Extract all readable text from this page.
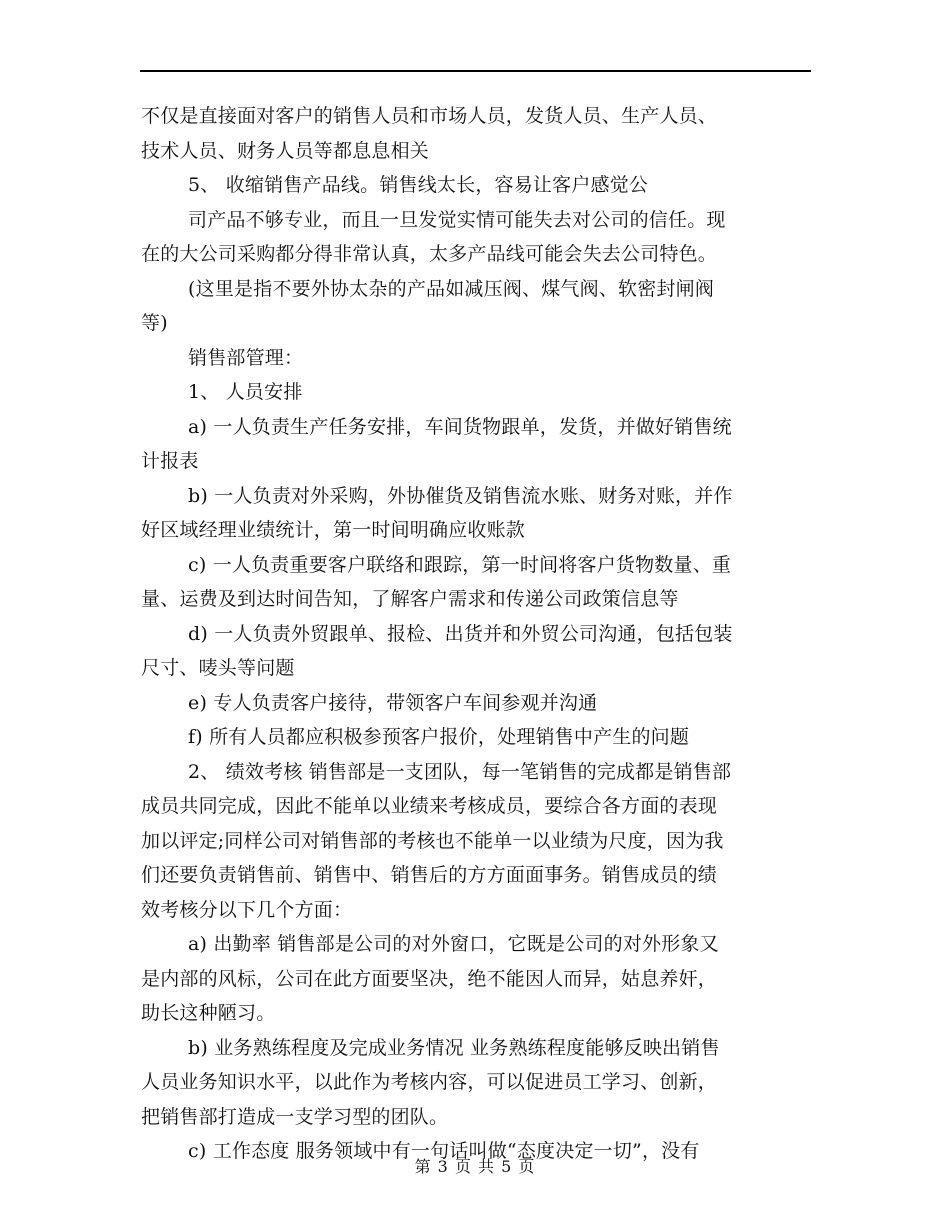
不仅是直接面对客户的销售人员和市场人员，发货人员、生产人员、
技术人员、财务人员等都息息相关
5、 收缩销售产品线。销售线太长，容易让客户感觉公
司产品不够专业，而且一旦发觉实情可能失去对公司的信任。现
在的大公司采购都分得非常认真，太多产品线可能会失去公司特色。
(这里是指不要外协太杂的产品如减压阀、煤气阀、软密封闸阀
等)
销售部管理：
1、 人员安排
a) 一人负责生产任务安排，车间货物跟单，发货，并做好销售统
计报表
b) 一人负责对外采购，外协催货及销售流水账、财务对账，并作
好区域经理业绩统计，第一时间明确应收账款
c) 一人负责重要客户联络和跟踪，第一时间将客户货物数量、重
量、运费及到达时间告知，了解客户需求和传递公司政策信息等
d) 一人负责外贸跟单、报检、出货并和外贸公司沟通，包括包装
尺寸、唛头等问题
e) 专人负责客户接待，带领客户车间参观并沟通
f) 所有人员都应积极参预客户报价，处理销售中产生的问题
2、 绩效考核 销售部是一支团队，每一笔销售的完成都是销售部
成员共同完成，因此不能单以业绩来考核成员，要综合各方面的表现
加以评定;同样公司对销售部的考核也不能单一以业绩为尺度，因为我
们还要负责销售前、销售中、销售后的方方面面事务。销售成员的绩
效考核分以下几个方面：
a) 出勤率 销售部是公司的对外窗口，它既是公司的对外形象又
是内部的风标，公司在此方面要坚决，绝不能因人而异，姑息养奸，
助长这种陋习。
b) 业务熟练程度及完成业务情况 业务熟练程度能够反映出销售
人员业务知识水平，以此作为考核内容，可以促进员工学习、创新，
把销售部打造成一支学习型的团队。
c) 工作态度 服务领域中有一句话叫做“态度决定一切”，没有
第 3 页 共 5 页
